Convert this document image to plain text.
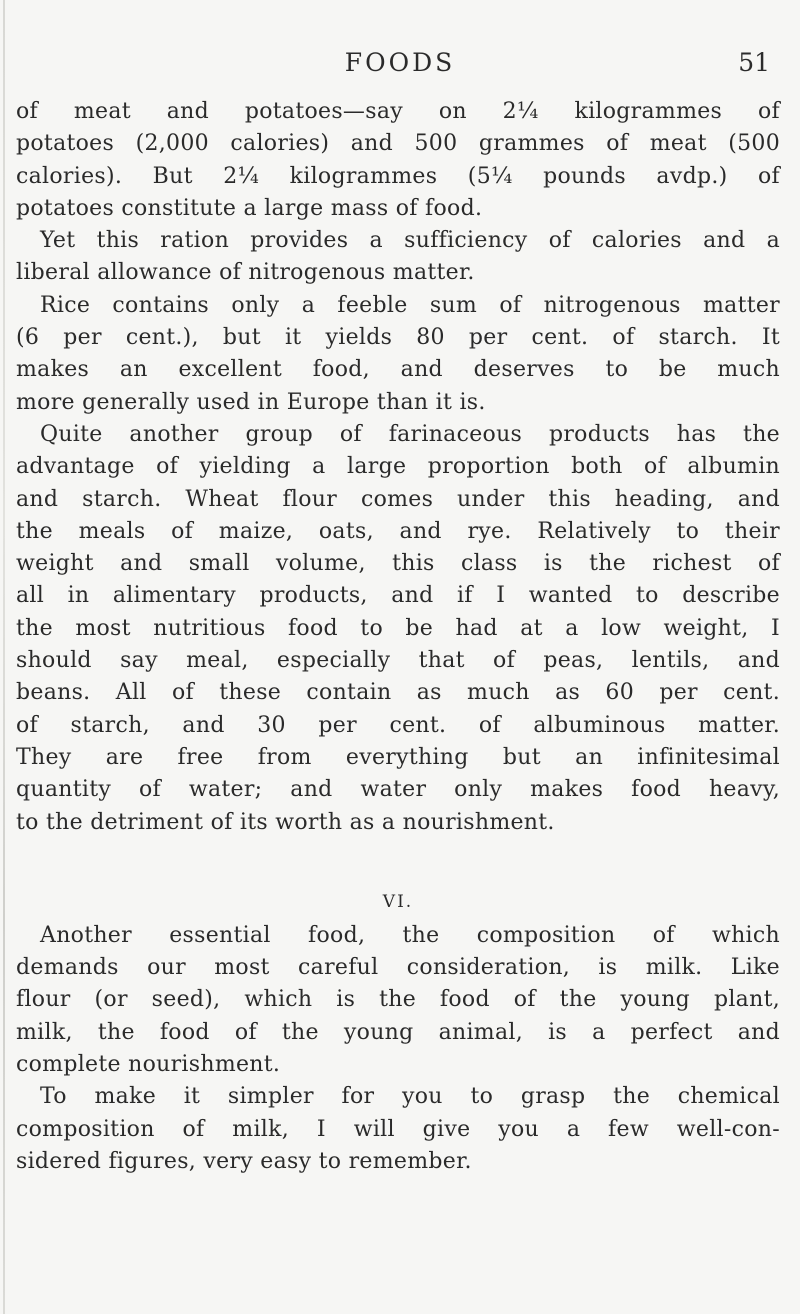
FOODS	51
of meat and potatoes—say on 2¼ kilogrammes of
potatoes (2,000 calories) and 500 grammes of meat (500
calories). But 2¼ kilogrammes (5¼ pounds avdp.) of
potatoes constitute a large mass of food.
Yet this ration provides a sufficiency of calories and a
liberal allowance of nitrogenous matter.
Rice contains only a feeble sum of nitrogenous matter
(6 per cent.), but it yields 80 per cent. of starch. It
makes an excellent food, and deserves to be much
more generally used in Europe than it is.
Quite another group of farinaceous products has the
advantage of yielding a large proportion both of albumin
and starch. Wheat flour comes under this heading, and
the meals of maize, oats, and rye. Relatively to their
weight and small volume, this class is the richest of
all in alimentary products, and if I wanted to describe
the most nutritious food to be had at a low weight, I
should say meal, especially that of peas, lentils, and
beans. All of these contain as much as 60 per cent.
of starch, and 30 per cent. of albuminous matter.
They are free from everything but an infinitesimal
quantity of water; and water only makes food heavy,
to the detriment of its worth as a nourishment.
VI.
Another essential food, the composition of which
demands our most careful consideration, is milk. Like
flour (or seed), which is the food of the young plant,
milk, the food of the young animal, is a perfect and
complete nourishment.
To make it simpler for you to grasp the chemical
composition of milk, I will give you a few well-con-
sidered figures, very easy to remember.
